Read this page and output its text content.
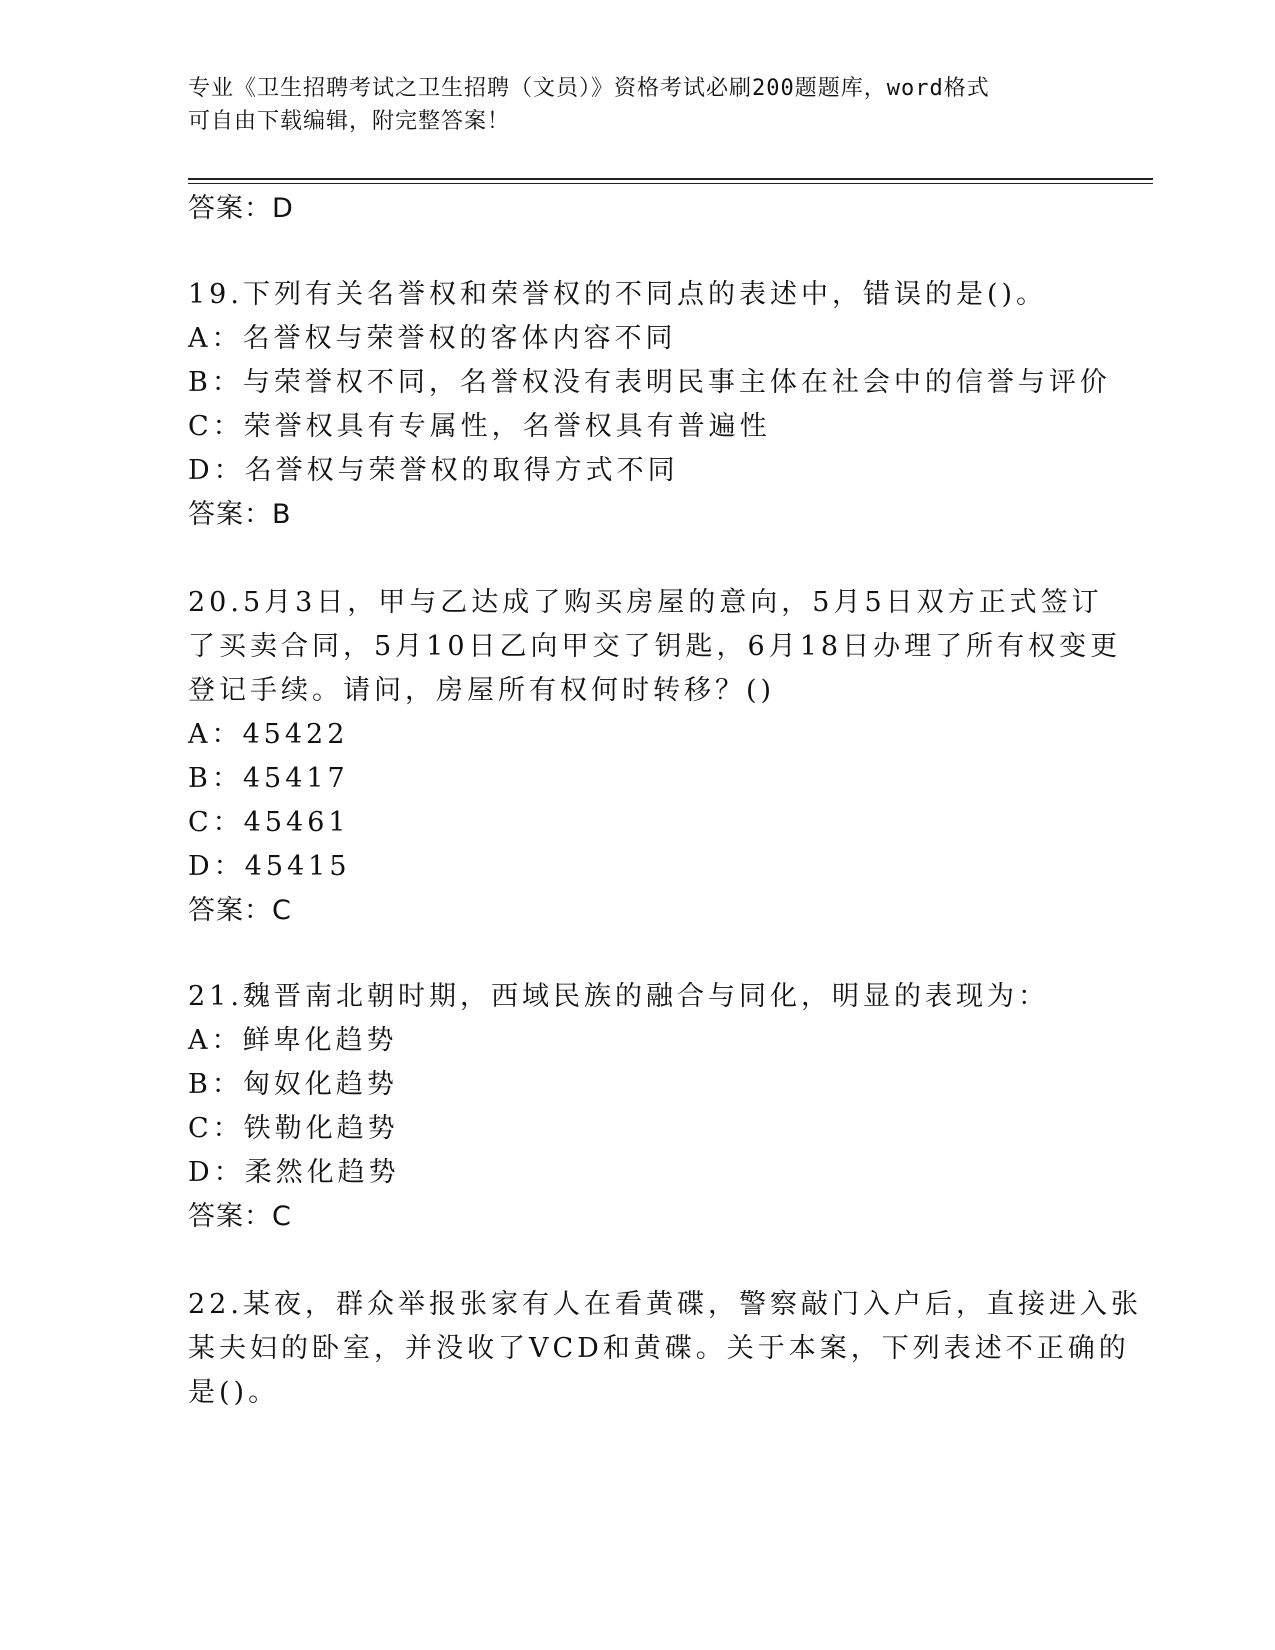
专业《卫生招聘考试之卫生招聘（文员）》资格考试必刷200题题库，word格式
可自由下载编辑，附完整答案！
答案：D
19.下列有关名誉权和荣誉权的不同点的表述中，错误的是()。
A：名誉权与荣誉权的客体内容不同
B：与荣誉权不同，名誉权没有表明民事主体在社会中的信誉与评价
C：荣誉权具有专属性，名誉权具有普遍性
D：名誉权与荣誉权的取得方式不同
答案：B
20.5月3日，甲与乙达成了购买房屋的意向，5月5日双方正式签订
了买卖合同，5月10日乙向甲交了钥匙，6月18日办理了所有权变更
登记手续。请问，房屋所有权何时转移？()
A：45422
B：45417
C：45461
D：45415
答案：C
21.魏晋南北朝时期，西域民族的融合与同化，明显的表现为：
A：鲜卑化趋势
B：匈奴化趋势
C：铁勒化趋势
D：柔然化趋势
答案：C
22.某夜，群众举报张家有人在看黄碟，警察敲门入户后，直接进入张
某夫妇的卧室，并没收了VCD和黄碟。关于本案，下列表述不正确的
是()。
